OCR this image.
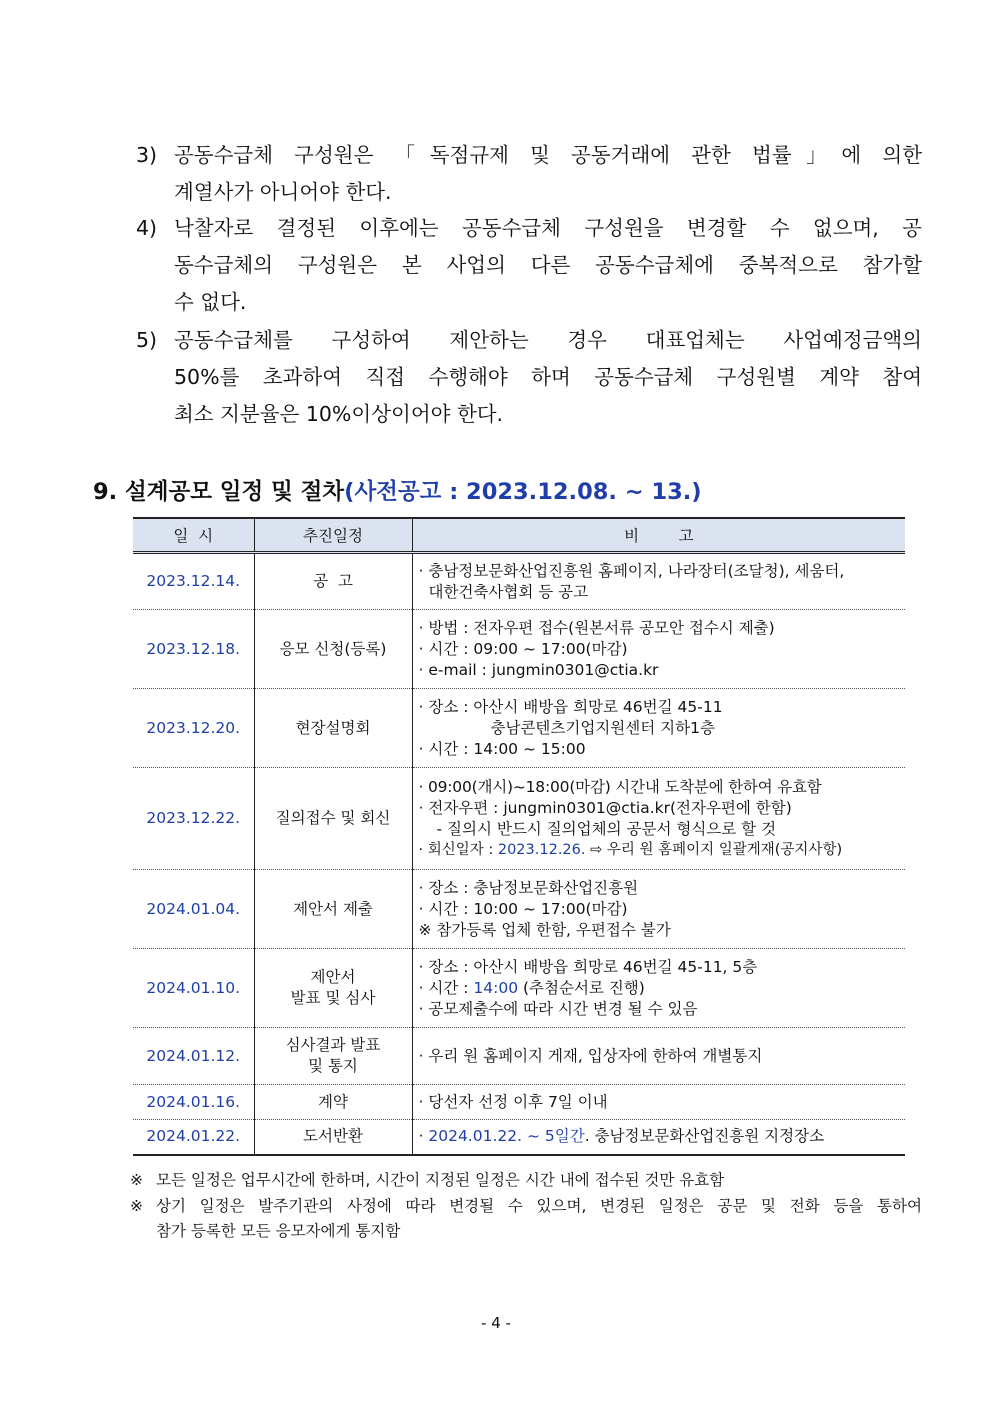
3) 공동수급체 구성원은 「독점규제 및 공동거래에 관한 법률」에 의한
계열사가 아니어야 한다.
4) 낙찰자로 결정된 이후에는 공동수급체 구성원을 변경할 수 없으며, 공
동수급체의 구성원은 본 사업의 다른 공동수급체에 중복적으로 참가할
수 없다.
5) 공동수급체를 구성하여 제안하는 경우 대표업체는 사업예정금액의
50%를 초과하여 직접 수행해야 하며 공동수급체 구성원별 계약 참여
최소 지분율은 10%이상이어야 한다.
9. 설계공모 일정 및 절차(사전공고 : 2023.12.08. ~ 13.)
일  시	추진일정	비        고
2023.12.14.	공  고	· 충남정보문화산업진흥원 홈페이지, 나라장터(조달청), 세움터,
대한건축사협회 등 공고

2023.12.18.	응모 신청(등록)	· 방법 : 전자우편 접수(원본서류 공모안 접수시 제출)
· 시간 : 09:00 ~ 17:00(마감)
· e-mail : jungmin0301@ctia.kr

2023.12.20.	현장설명회	· 장소 : 아산시 배방읍 희망로 46번길 45-11
충남콘텐츠기업지원센터 지하1층
· 시간 : 14:00 ~ 15:00

2023.12.22.	질의접수 및 회신	· 09:00(개시)~18:00(마감) 시간내 도착분에 한하여 유효함
· 전자우편 : jungmin0301@ctia.kr(전자우편에 한함)
- 질의시 반드시 질의업체의 공문서 형식으로 할 것
· 회신일자 : 2023.12.26. ⇨ 우리 원 홈페이지 일괄게재(공지사항)

2024.01.04.	제안서 제출	· 장소 : 충남정보문화산업진흥원
· 시간 : 10:00 ~ 17:00(마감)
※ 참가등록 업체 한함, 우편접수 불가

2024.01.10.	제안서
발표 및 심사	· 장소 : 아산시 배방읍 희망로 46번길 45-11, 5층
· 시간 : 14:00 (추첨순서로 진행)
· 공모제출수에 따라 시간 변경 될 수 있음

2024.01.12.	심사결과 발표
및 통지	· 우리 원 홈페이지 게재, 입상자에 한하여 개별통지

2024.01.16.	계약	· 당선자 선정 이후 7일 이내

2024.01.22.	도서반환	· 2024.01.22. ~ 5일간. 충남정보문화산업진흥원 지정장소
※ 모든 일정은 업무시간에 한하며, 시간이 지정된 일정은 시간 내에 접수된 것만 유효함
※ 상기 일정은 발주기관의 사정에 따라 변경될 수 있으며, 변경된 일정은 공문 및 전화 등을 통하여
참가 등록한 모든 응모자에게 통지함
- 4 -
